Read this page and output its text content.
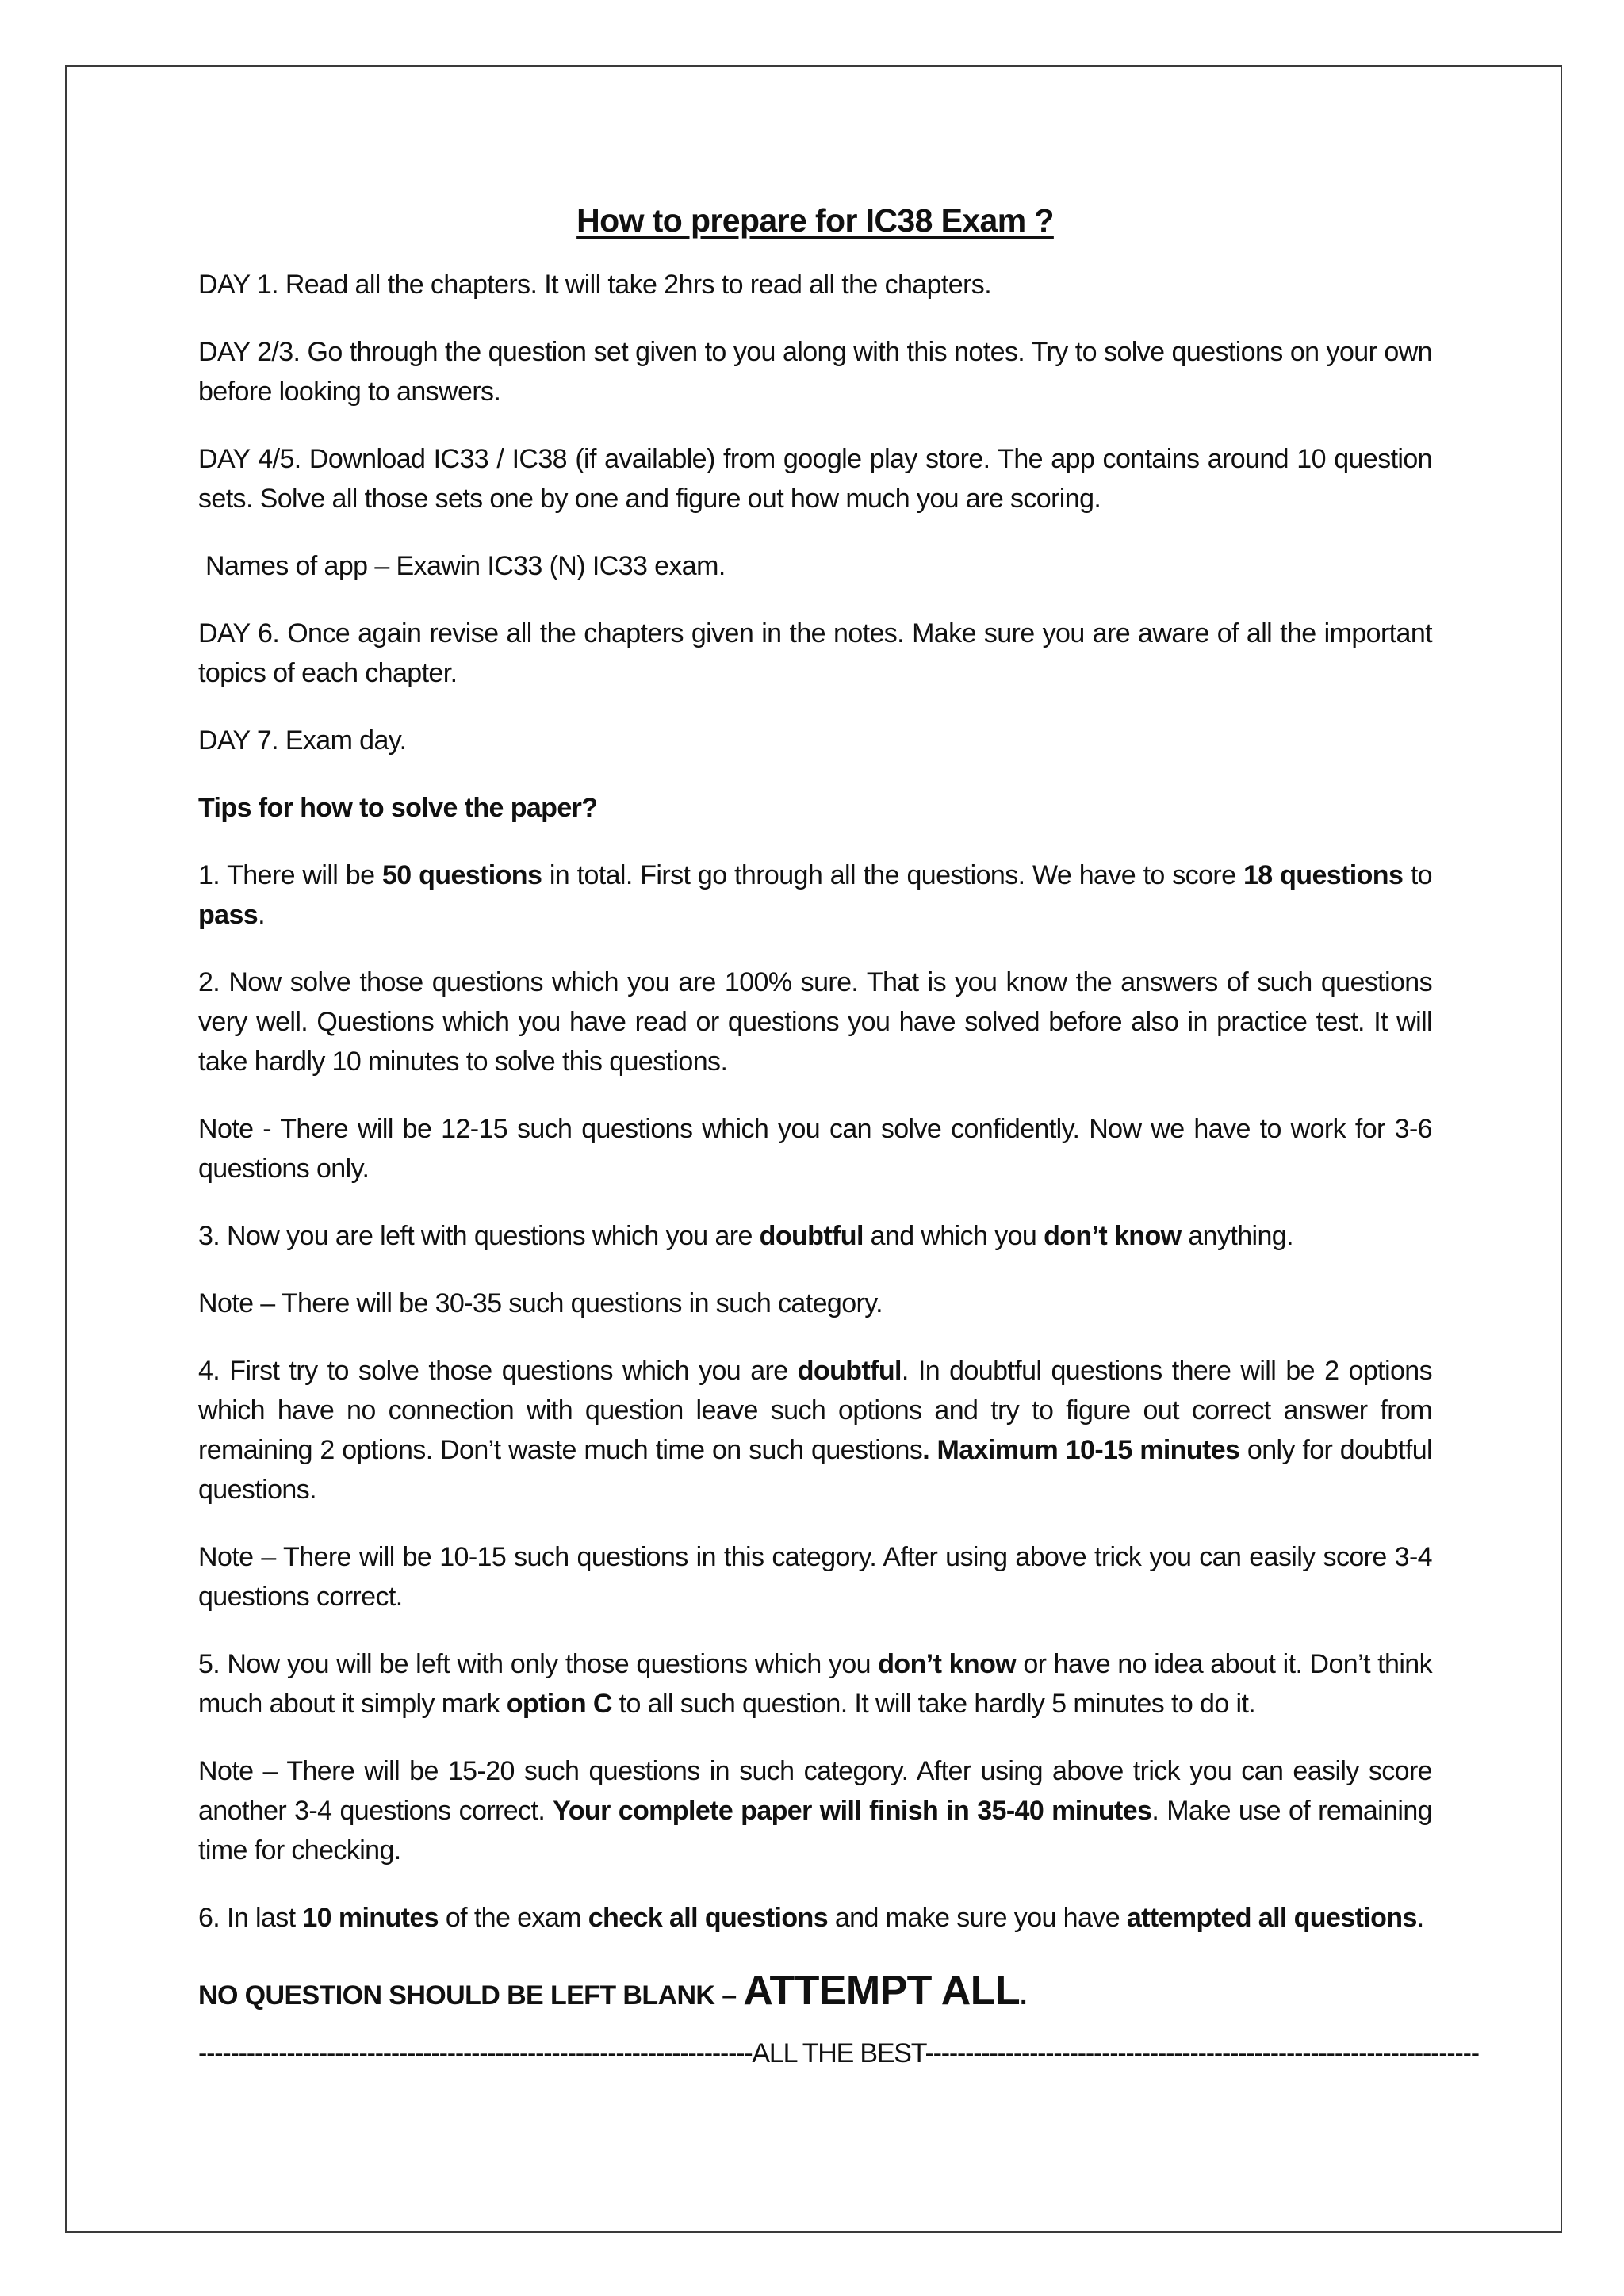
How to prepare for IC38 Exam ?

DAY 1. Read all the chapters. It will take 2hrs to read all the chapters.

DAY 2/3. Go through the question set given to you along with this notes. Try to solve questions on your own before looking to answers.

DAY 4/5. Download IC33 / IC38 (if available) from google play store. The app contains around 10 question sets. Solve all those sets one by one and figure out how much you are scoring.

Names of app – Exawin IC33 (N) IC33 exam.

DAY 6. Once again revise all the chapters given in the notes. Make sure you are aware of all the important topics of each chapter.

DAY 7. Exam day.

Tips for how to solve the paper?

1. There will be 50 questions in total. First go through all the questions. We have to score 18 questions to pass.

2. Now solve those questions which you are 100% sure. That is you know the answers of such questions very well. Questions which you have read or questions you have solved before also in practice test. It will take hardly 10 minutes to solve this questions.

Note - There will be 12-15 such questions which you can solve confidently. Now we have to work for 3-6 questions only.

3. Now you are left with questions which you are doubtful and which you don’t know anything.

Note – There will be 30-35 such questions in such category.

4. First try to solve those questions which you are doubtful. In doubtful questions there will be 2 options which have no connection with question leave such options and try to figure out correct answer from remaining 2 options. Don’t waste much time on such questions. Maximum 10-15 minutes only for doubtful questions.

Note – There will be 10-15 such questions in this category. After using above trick you can easily score 3-4 questions correct.

5. Now you will be left with only those questions which you don’t know or have no idea about it. Don’t think much about it simply mark option C to all such question. It will take hardly 5 minutes to do it.

Note – There will be 15-20 such questions in such category. After using above trick you can easily score another 3-4 questions correct. Your complete paper will finish in 35-40 minutes. Make use of remaining time for checking.

6. In last 10 minutes of the exam check all questions and make sure you have attempted all questions.

NO QUESTION SHOULD BE LEFT BLANK – ATTEMPT ALL.

---------------------------------------------------------------------ALL THE BEST---------------------------------------------------------------------
